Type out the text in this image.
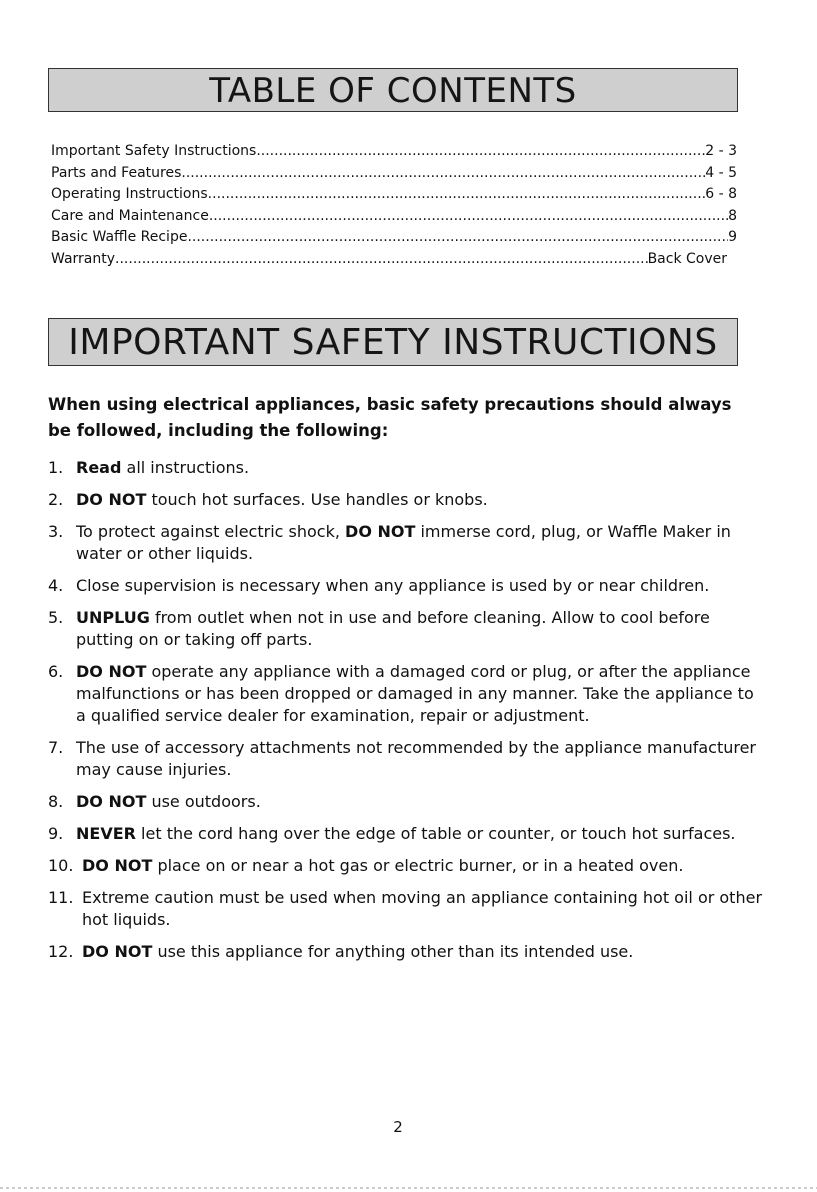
TABLE OF CONTENTS
Important Safety Instructions .....	2 - 3
Parts and Features .....	4 - 5
Operating Instructions .....	6 - 8
Care and Maintenance .....	8
Basic Waffle Recipe .....	9
Warranty .....	Back Cover
IMPORTANT SAFETY INSTRUCTIONS
When using electrical appliances, basic safety precautions should always be followed, including the following:
1. Read all instructions.
2. DO NOT touch hot surfaces. Use handles or knobs.
3. To protect against electric shock, DO NOT immerse cord, plug, or Waffle Maker in water or other liquids.
4. Close supervision is necessary when any appliance is used by or near children.
5. UNPLUG from outlet when not in use and before cleaning. Allow to cool before putting on or taking off parts.
6. DO NOT operate any appliance with a damaged cord or plug, or after the appliance malfunctions or has been dropped or damaged in any manner. Take the appliance to a qualified service dealer for examination, repair or adjustment.
7. The use of accessory attachments not recommended by the appliance manufacturer may cause injuries.
8. DO NOT use outdoors.
9. NEVER let the cord hang over the edge of table or counter, or touch hot surfaces.
10. DO NOT place on or near a hot gas or electric burner, or in a heated oven.
11. Extreme caution must be used when moving an appliance containing hot oil or other hot liquids.
12. DO NOT use this appliance for anything other than its intended use.
2
